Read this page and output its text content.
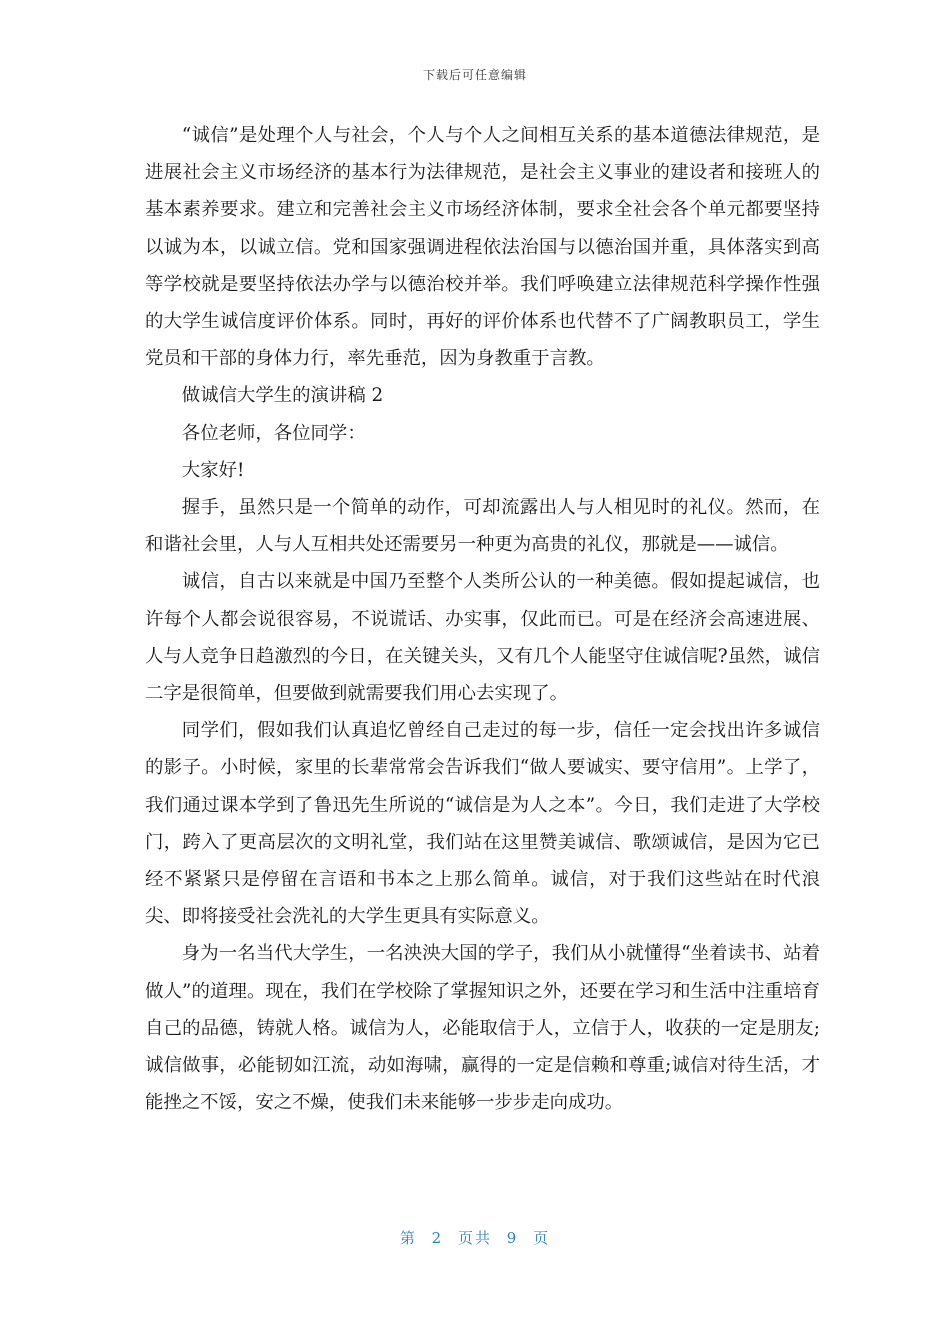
下载后可任意编辑

“诚信”是处理个人与社会，个人与个人之间相互关系的基本道德法律规范，是进展社会主义市场经济的基本行为法律规范，是社会主义事业的建设者和接班人的基本素养要求。建立和完善社会主义市场经济体制，要求全社会各个单元都要坚持以诚为本，以诚立信。党和国家强调进程依法治国与以德治国并重，具体落实到高等学校就是要坚持依法办学与以德治校并举。我们呼唤建立法律规范科学操作性强的大学生诚信度评价体系。同时，再好的评价体系也代替不了广阔教职员工，学生党员和干部的身体力行，率先垂范，因为身教重于言教。

做诚信大学生的演讲稿 2

各位老师，各位同学：

大家好!

握手，虽然只是一个简单的动作，可却流露出人与人相见时的礼仪。然而，在和谐社会里，人与人互相共处还需要另一种更为高贵的礼仪，那就是——诚信。

诚信，自古以来就是中国乃至整个人类所公认的一种美德。假如提起诚信，也许每个人都会说很容易，不说谎话、办实事，仅此而已。可是在经济会高速进展、人与人竞争日趋激烈的今日，在关键关头，又有几个人能坚守住诚信呢?虽然，诚信二字是很简单，但要做到就需要我们用心去实现了。

同学们，假如我们认真追忆曾经自己走过的每一步，信任一定会找出许多诚信的影子。小时候，家里的长辈常常会告诉我们“做人要诚实、要守信用”。上学了，我们通过课本学到了鲁迅先生所说的“诚信是为人之本”。今日，我们走进了大学校门，跨入了更高层次的文明礼堂，我们站在这里赞美诚信、歌颂诚信，是因为它已经不紧紧只是停留在言语和书本之上那么简单。诚信，对于我们这些站在时代浪尖、即将接受社会洗礼的大学生更具有实际意义。

身为一名当代大学生，一名泱泱大国的学子，我们从小就懂得“坐着读书、站着做人”的道理。现在，我们在学校除了掌握知识之外，还要在学习和生活中注重培育自己的品德，铸就人格。诚信为人，必能取信于人，立信于人，收获的一定是朋友;诚信做事，必能韧如江流，动如海啸，赢得的一定是信赖和尊重;诚信对待生活，才能挫之不馁，安之不燥，使我们未来能够一步步走向成功。

第 2 页共 9 页
